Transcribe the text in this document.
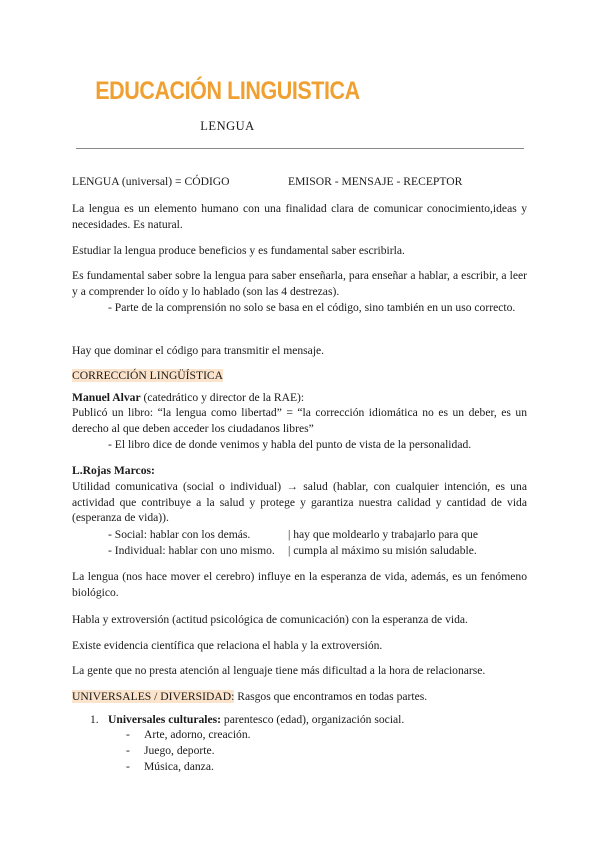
EDUCACIÓN LINGUISTICA
LENGUA
LENGUA (universal) = CÓDIGO	EMISOR - MENSAJE - RECEPTOR

La lengua es un elemento humano con una finalidad clara de comunicar conocimiento,ideas y necesidades. Es natural.

Estudiar la lengua produce beneficios y es fundamental saber escribirla.

Es fundamental saber sobre la lengua para saber enseñarla, para enseñar a hablar, a escribir, a leer y a comprender lo oído y lo hablado (son las 4 destrezas).

- Parte de la comprensión no solo se basa en el código, sino también en un uso correcto.

Hay que dominar el código para transmitir el mensaje.

CORRECCIÓN LINGÜÍSTICA
Manuel Alvar (catedrático y director de la RAE):

Publicó un libro: “la lengua como libertad” = “la corrección idiomática no es un deber, es un derecho al que deben acceder los ciudadanos libres”

- El libro dice de donde venimos y habla del punto de vista de la personalidad.
L.Rojas Marcos:

Utilidad comunicativa (social o individual) → salud (hablar, con cualquier intención, es una actividad que contribuye a la salud y protege y garantiza nuestra calidad y cantidad de vida (esperanza de vida)).

- Social: hablar con los demás.	| hay que moldearlo y trabajarlo para que
- Individual: hablar con uno mismo. | cumpla al máximo su misión saludable.

La lengua (nos hace mover el cerebro) influye en la esperanza de vida, además, es un fenómeno biológico.

Habla y extroversión (actitud psicológica de comunicación) con la esperanza de vida.

Existe evidencia científica que relaciona el habla y la extroversión.

La gente que no presta atención al lenguaje tiene más dificultad a la hora de relacionarse.

UNIVERSALES / DIVERSIDAD: Rasgos que encontramos en todas partes.
1. Universales culturales: parentesco (edad), organización social.
- Arte, adorno, creación.
- Juego, deporte.
- Música, danza.
